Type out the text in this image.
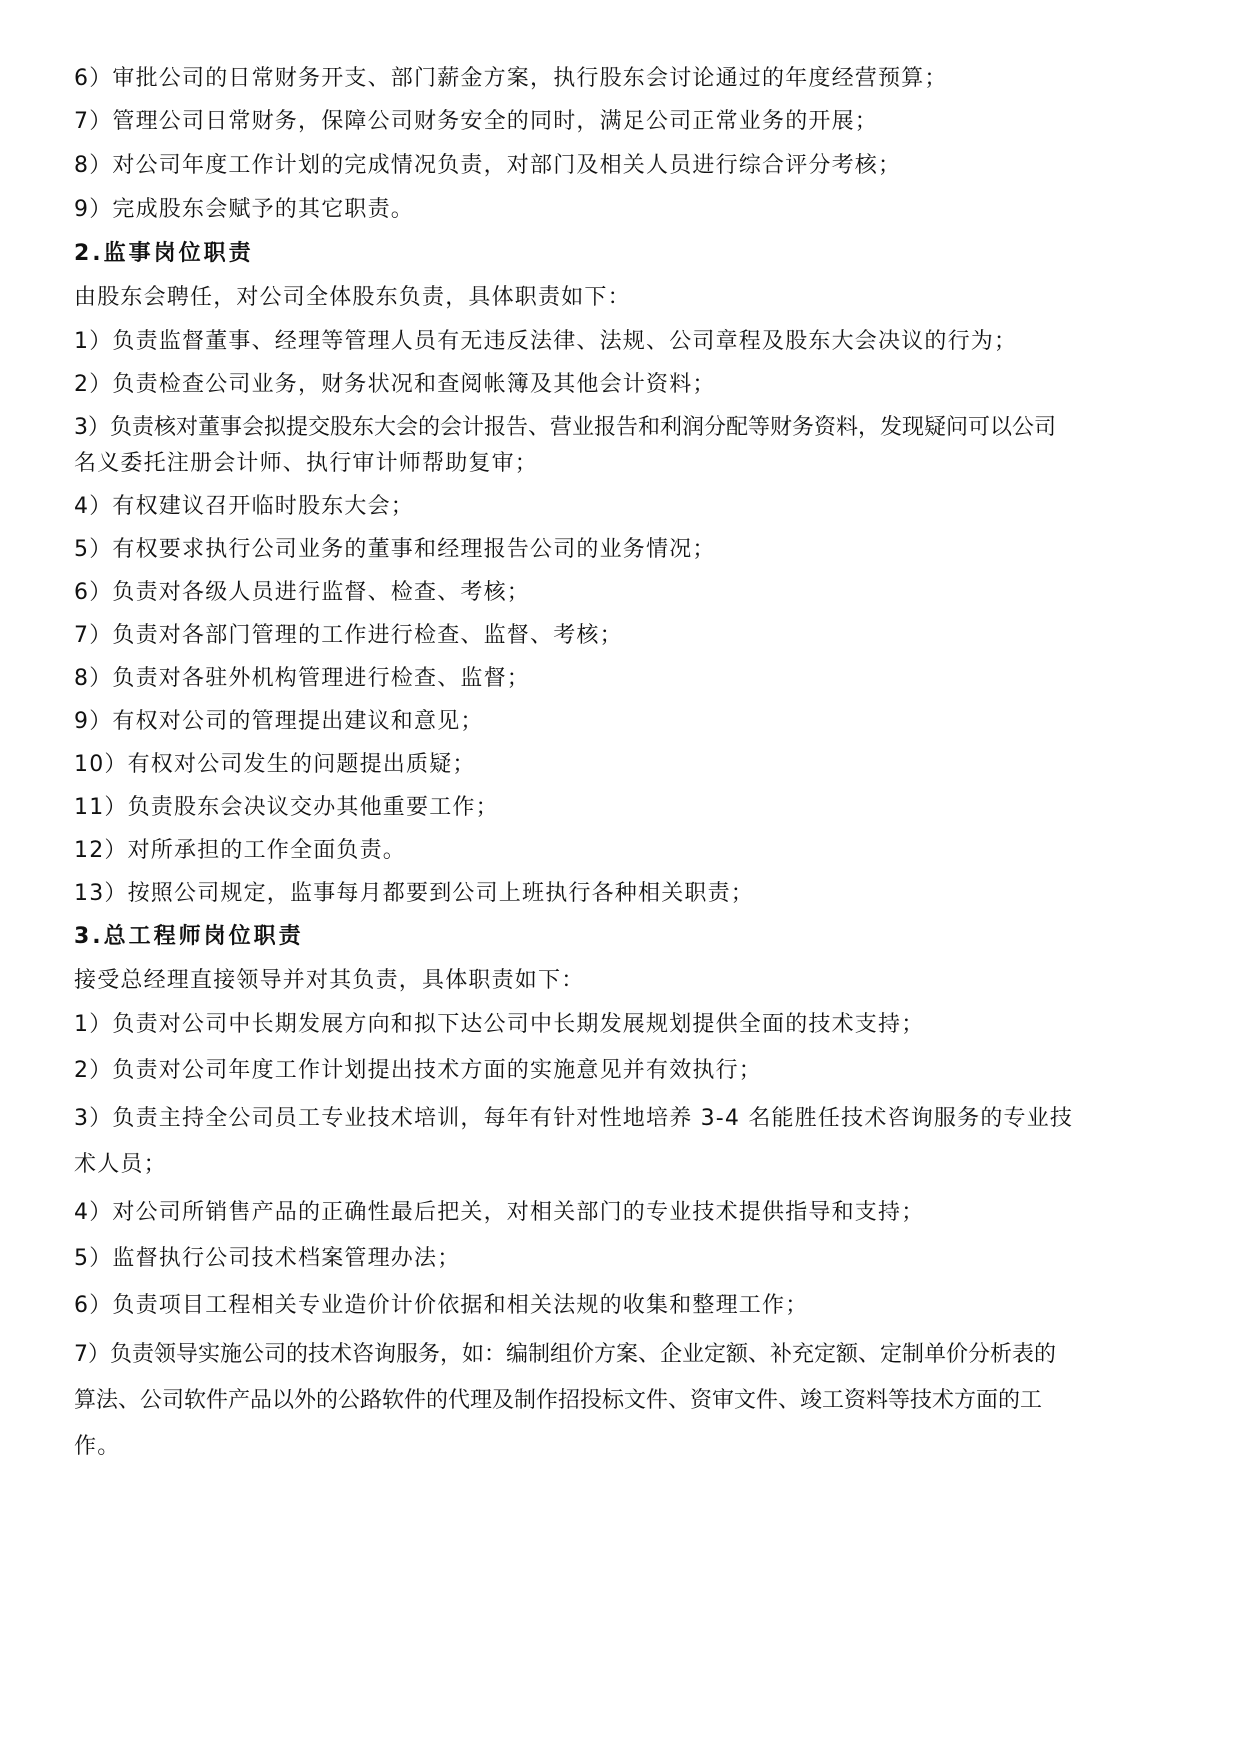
6）审批公司的日常财务开支、部门薪金方案，执行股东会讨论通过的年度经营预算；
7）管理公司日常财务，保障公司财务安全的同时，满足公司正常业务的开展；
8）对公司年度工作计划的完成情况负责，对部门及相关人员进行综合评分考核；
9）完成股东会赋予的其它职责。
2.监事岗位职责
由股东会聘任，对公司全体股东负责，具体职责如下：
1）负责监督董事、经理等管理人员有无违反法律、法规、公司章程及股东大会决议的行为；
2）负责检查公司业务，财务状况和查阅帐簿及其他会计资料；
3）负责核对董事会拟提交股东大会的会计报告、营业报告和利润分配等财务资料，发现疑问可以公司
名义委托注册会计师、执行审计师帮助复审；
4）有权建议召开临时股东大会；
5）有权要求执行公司业务的董事和经理报告公司的业务情况；
6）负责对各级人员进行监督、检查、考核；
7）负责对各部门管理的工作进行检查、监督、考核；
8）负责对各驻外机构管理进行检查、监督；
9）有权对公司的管理提出建议和意见；
10）有权对公司发生的问题提出质疑；
11）负责股东会决议交办其他重要工作；
12）对所承担的工作全面负责。
13）按照公司规定，监事每月都要到公司上班执行各种相关职责；
3.总工程师岗位职责
接受总经理直接领导并对其负责，具体职责如下：
1）负责对公司中长期发展方向和拟下达公司中长期发展规划提供全面的技术支持；
2）负责对公司年度工作计划提出技术方面的实施意见并有效执行；
3）负责主持全公司员工专业技术培训，每年有针对性地培养 3-4 名能胜任技术咨询服务的专业技
术人员；
4）对公司所销售产品的正确性最后把关，对相关部门的专业技术提供指导和支持；
5）监督执行公司技术档案管理办法；
6）负责项目工程相关专业造价计价依据和相关法规的收集和整理工作；
7）负责领导实施公司的技术咨询服务，如：编制组价方案、企业定额、补充定额、定制单价分析表的
算法、公司软件产品以外的公路软件的代理及制作招投标文件、资审文件、竣工资料等技术方面的工
作。
